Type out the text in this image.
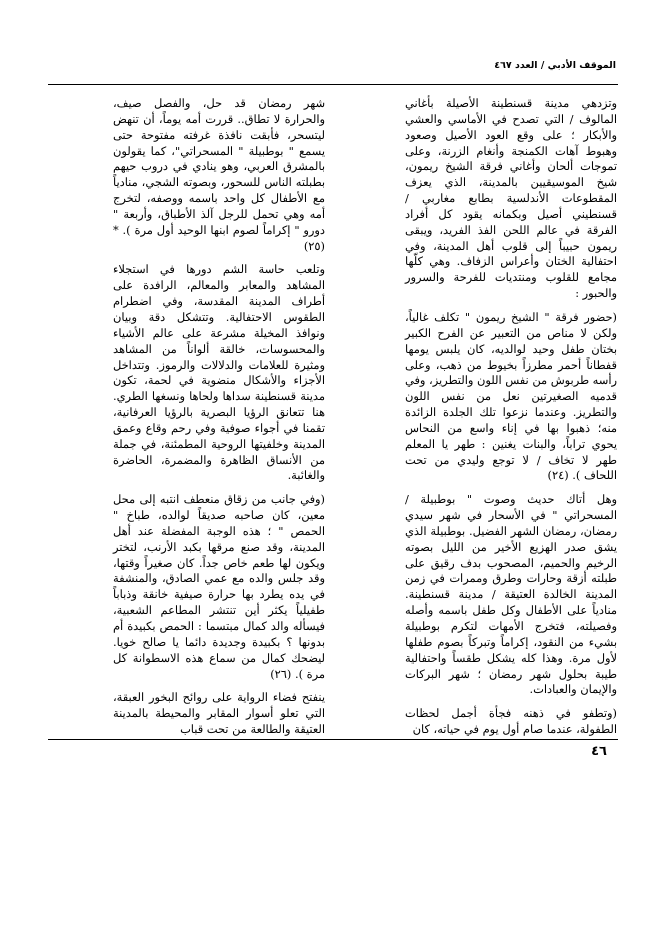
الموقف الأدبي / العدد ٤٦٧

وتزدهي مدينة قسنطينة الأصيلة بأغاني المالوف / التي تصدح في الأماسي والعشي والأبكار ؛ على وقع العود الأصيل وصعود وهبوط آهات الكمنجة وأنغام الزرنة، وعلى تموجات ألحان وأغاني فرقة الشيخ ريمون، شيخ الموسيقيين بالمدينة، الذي يعزف المقطوعات الأندلسية بطابع مغاربي / قسنطيني أصيل وبكمانه يقود كل أفراد الفرقة في عالم اللحن الفذ الفريد، ويبقى ريمون حبيباً إلى قلوب أهل المدينة، وفي احتفالية الختان وأعراس الزفاف. وهي كلّها مجامع للقلوب ومنتديات للفرحة والسرور والحبور :

(حضور فرقة " الشيخ ريمون " تكلف غالياً، ولكن لا مناص من التعبير عن الفرح الكبير بختان طفل وحيد لوالديه، كان يلبس يومها قفطاناً أحمر مطرزاً بخيوط من ذهب، وعلى رأسه طربوش من نفس اللون والتطريز، وفي قدميه الصغيرتين نعل من نفس اللون والتطريز. وعندما نزعوا تلك الجلدة الزائدة منه؛ ذهبوا بها في إناء واسع من النحاس يحوي تراباً، والبنات يغنين : طهر يا المعلم طهر لا تخاف / لا توجع وليدي من تحت اللحاف ). (٢٤)

وهل أتاك حديث وصوت " بوطبيلة / المسحراتي " في الأسحار في شهر سيدي رمضان، رمضان الشهر الفضيل. بوطبيلة الذي يشق صدر الهزيع الأخير من الليل بصوته الرخيم والحميم، المصحوب بدف رقيق على طبلته أزقة وحارات وطرق وممرات في زمن المدينة الخالدة العتيقة / مدينة قسنطينة. منادياً على الأطفال وكل طفل باسمه وأصله وفصيلته، فتخرج الأمهات لتكرم بوطبيلة بشيء من النقود، إكراماً وتبركاً بصوم طفلها لأول مرة. وهذا كله يشكل طقساً واحتفالية طيبة بحلول شهر رمضان ؛ شهر البركات والإيمان والعبادات.

(وتطفو في ذهنه فجأة أجمل لحظات الطفولة، عندما صام أول يوم في حياته، كان

شهر رمضان قد حل، والفصل صيف، والحرارة لا تطاق.. قررت أمه يوماً، أن تنهض ليتسحر، فأبقت نافذة غرفته مفتوحة حتى يسمع " بوطبيلة " المسحراتي"، كما يقولون بالمشرق العربي، وهو ينادي في دروب حيهم بطبلته الناس للسحور، وبصوته الشجي، منادياً مع الأطفال كل واحد باسمه ووصفه، لتخرج أمه وهي تحمل للرجل آلذ الأطباق، وأربعة " دورو " إكراماً لصوم ابنها الوحيد أول مرة ). * (٢٥)

وتلعب حاسة الشم دورها في استجلاء المشاهد والمعابر والمعالم، الرافدة على أطراف المدينة المقدسة، وفي اضطرام الطقوس الاحتفالية. وتتشكل دقة وبيان ونوافذ المخيلة مشرعة على عالم الأشياء والمحسوسات، خالقة ألواناً من المشاهد ومثيرة للعلامات والدلالات والرموز. وتتداخل الأجزاء والأشكال منضوية في لحمة، تكون مدينة قسنطينة سداها ولحاها ونسغها الطري. هنا تتعانق الرؤيا البصرية بالرؤيا العرفانية، تقمنا في أجواء صوفية وفي رحم وقاع وعمق المدينة وخلفيتها الروحية المطمئنة، في جملة من الأنساق الظاهرة والمضمرة، الحاضرة والغائبة.

(وفي جانب من زقاق منعطف انتبه إلى محل معين، كان صاحبه صديقاً لوالده، طباخ " الحمص " ؛ هذه الوجبة المفضلة عند أهل المدينة، وقد صنع مرقها بكبد الأرنب، لتختر ويكون لها طعم خاص جداً. كان صغيراً وقتها، وقد جلس والده مع عمي الصادق، والمنشفة في يده يطرد بها حرارة صيفية خانقة وذباباً طفيلياً يكثر أين تنتشر المطاعم الشعبية، فيسأله والد كمال مبتسما : الحمص بكبيدة أم بدونها ؟ بكبيدة وجديدة دائما يا صالح خويا. ليضحك كمال من سماع هذه الاسطوانة كل مرة ). (٢٦)

ينفتح فضاء الرواية على روائح البخور العبقة، التي تعلو أسوار المقابر والمحيطة بالمدينة العتيقة والطالعة من تحت قباب

٤٦
